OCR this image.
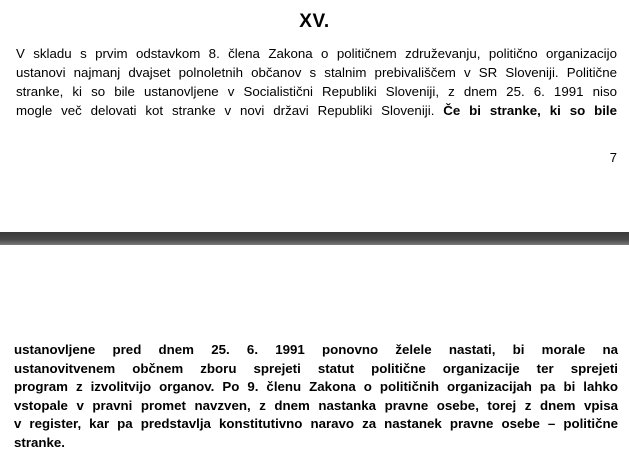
XV.
V skladu s prvim odstavkom 8. člena Zakona o političnem združevanju, politično organizacijo
ustanovi najmanj dvajset polnoletnih občanov s stalnim prebivališčem v SR Sloveniji. Politične
stranke, ki so bile ustanovljene v Socialistični Republiki Sloveniji, z dnem 25. 6. 1991 niso
mogle več delovati kot stranke v novi državi Republiki Sloveniji. Če bi stranke, ki so bile
7
ustanovljene pred dnem 25. 6. 1991 ponovno želele nastati, bi morale na
ustanovitvenem občnem zboru sprejeti statut politične organizacije ter sprejeti
program z izvolitvijo organov. Po 9. členu Zakona o političnih organizacijah pa bi lahko
vstopale v pravni promet navzven, z dnem nastanka pravne osebe, torej z dnem vpisa
v register, kar pa predstavlja konstitutivno naravo za nastanek pravne osebe – politične
stranke.
